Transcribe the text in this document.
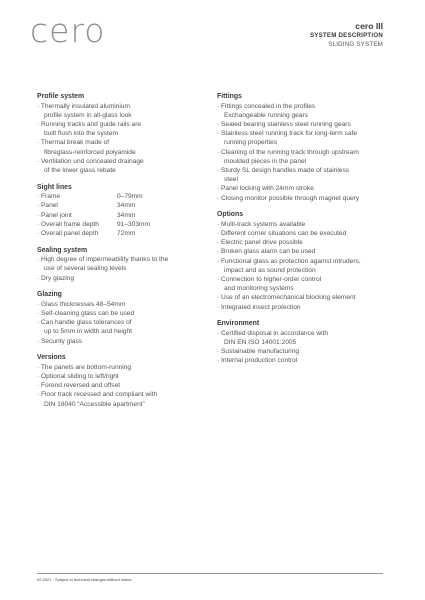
cero	cero III
SYSTEM DESCRIPTION
SLIDING SYSTEM

Profile system

· Thermally insulated aluminium
profile system in all-glass look
· Running tracks and guide rails are
built flush into the system
· Thermal break made of
fibreglass-reinforced polyamide
· Ventilation und concealed drainage
of the lower glass rebate

Sight lines

· Frame	0–79mm
· Panel	34mm
· Panel joint	34mm
· Overall frame depth	91–303mm
· Overall panel depth	72mm

Sealing system

· High degree of impermeability thanks to the
use of several sealing levels
· Dry glazing

Glazing

· Glass thicknesses 48–54mm
· Self-cleaning glass can be used
· Can handle glass tolerances of
up to 5mm in width and height
· Security glass

Versions

· The panels are bottom-running
· Optional sliding to left/right
· Forend reversed and offset
· Floor track recessed and compliant with
DIN 18040 “Accessible apartment”

Fittings

· Fittings concealed in the profiles
Exchangeable running gears
· Sealed bearing stainless steel running gears
· Stainless steel running track for long-term safe
running properties
· Cleaning of the running track through upstream
moulded pieces in the panel
· Sturdy SL design handles made of stainless
steel
· Panel locking with 24mm stroke
· Closing monitor possible through magnet query

Options

· Multi-track systems available
· Different corner situations can be executed
· Electric panel drive possible
· Broken glass alarm can be used
· Functional glass as protection against intruders,
impact and as sound protection
· Connection to higher-order control
and monitoring systems
· Use of an electromechanical blocking element
· Integrated insect protection

Environment

· Certified disposal in accordance with
DIN EN ISO 14001:2005
· Sustainable manufacturing
· Internal production control
02.2021 · Subject to technical changes without notice.
